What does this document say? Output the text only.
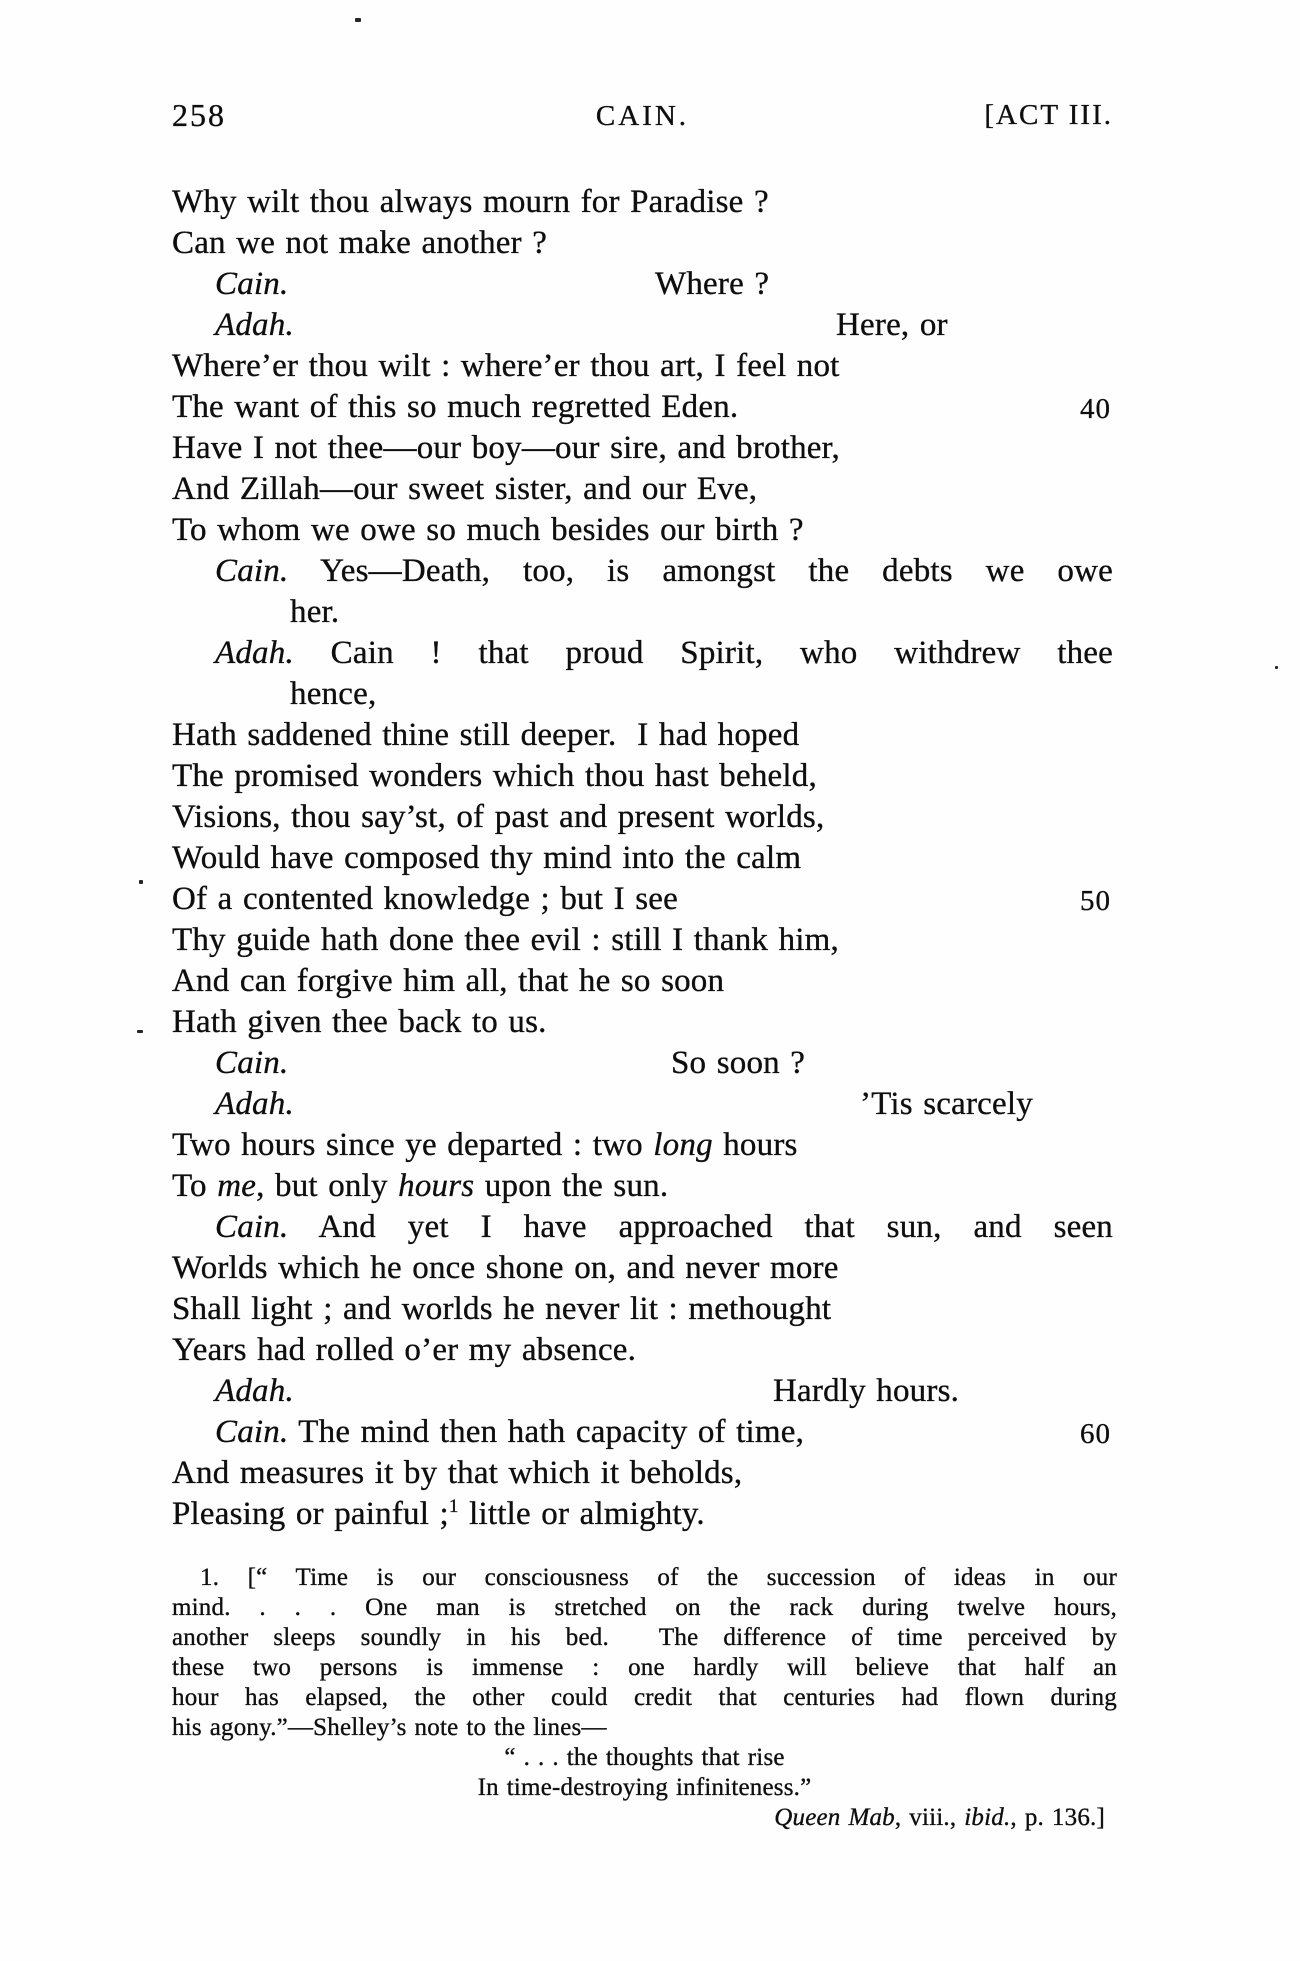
258	CAIN.	[ACT III.
Why wilt thou always mourn for Paradise ?
Can we not make another ?
Cain.	Where ?
Adah.	Here, or
Where’er thou wilt : where’er thou art, I feel not
The want of this so much regretted Eden.	40
Have I not thee—our boy—our sire, and brother,
And Zillah—our sweet sister, and our Eve,
To whom we owe so much besides our birth ?
Cain. Yes—Death, too, is amongst the debts we owe
her.
Adah. Cain ! that proud Spirit, who withdrew thee
hence,
Hath saddened thine still deeper.  I had hoped
The promised wonders which thou hast beheld,
Visions, thou say’st, of past and present worlds,
Would have composed thy mind into the calm
Of a contented knowledge ; but I see	50
Thy guide hath done thee evil : still I thank him,
And can forgive him all, that he so soon
Hath given thee back to us.
Cain.	So soon ?
Adah.	’Tis scarcely
Two hours since ye departed : two long hours
To me, but only hours upon the sun.
Cain. And yet I have approached that sun, and seen
Worlds which he once shone on, and never more
Shall light ; and worlds he never lit : methought
Years had rolled o’er my absence.
Adah.	Hardly hours.
Cain. The mind then hath capacity of time,	60
And measures it by that which it beholds,
Pleasing or painful ;$^1$ little or almighty.
1. [“ Time is our consciousness of the succession of ideas in our
mind. . . . One man is stretched on the rack during twelve hours,
another sleeps soundly in his bed.  The difference of time perceived by
these two persons is immense : one hardly will believe that half an
hour has elapsed, the other could credit that centuries had flown during
his agony.”—Shelley’s note to the lines—
“ . . . the thoughts that rise
In time-destroying infiniteness.”
Queen Mab, viii., ibid., p. 136.]
